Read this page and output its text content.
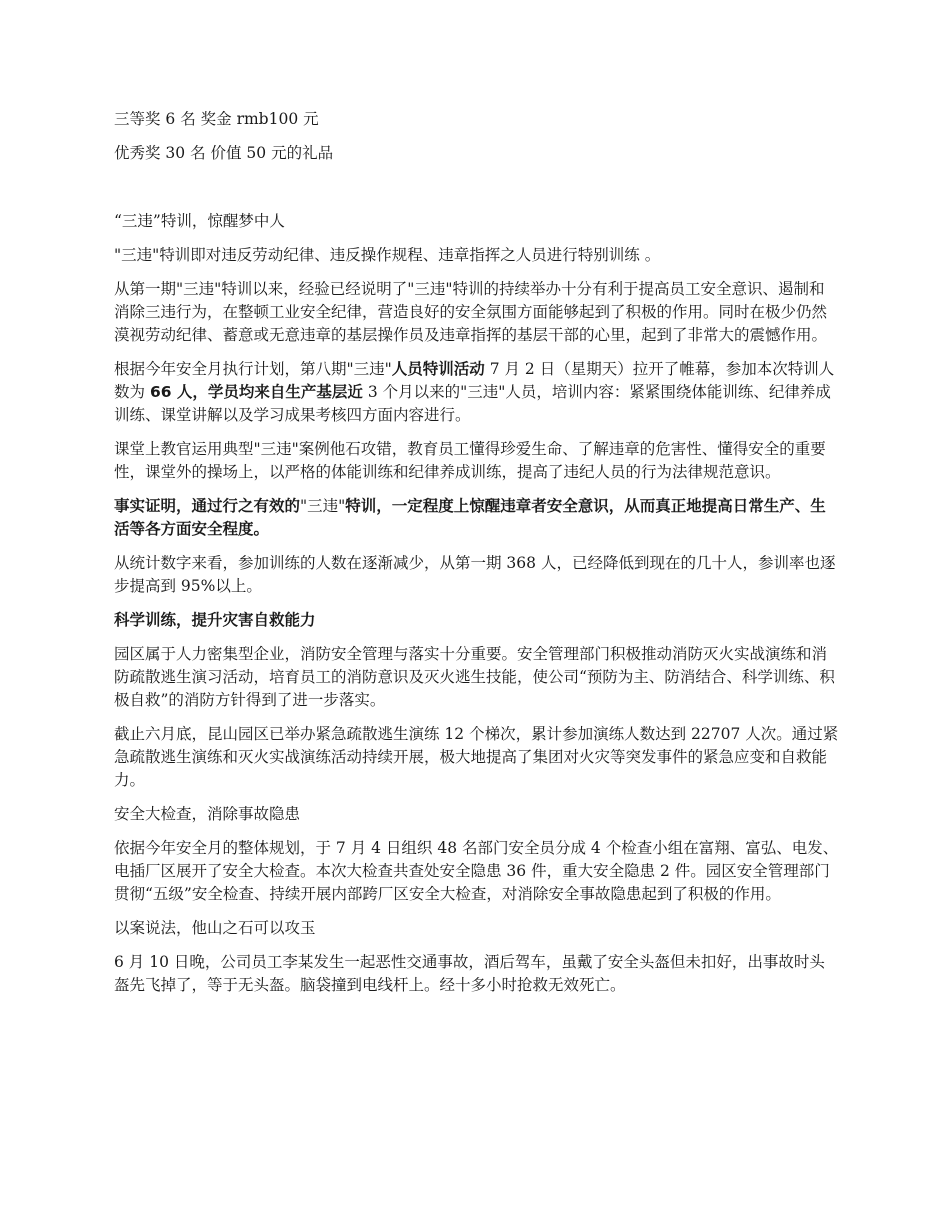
三等奖 6 名 奖金 rmb100 元

优秀奖 30 名 价值 50 元的礼品

“三违”特训，惊醒梦中人

"三违"特训即对违反劳动纪律、违反操作规程、违章指挥之人员进行特别训练 。

从第一期"三违"特训以来，经验已经说明了"三违"特训的持续举办十分有利于提高员工安全意识、遏制和消除三违行为，在整顿工业安全纪律，营造良好的安全氛围方面能够起到了积极的作用。同时在极少仍然漠视劳动纪律、蓄意或无意违章的基层操作员及违章指挥的基层干部的心里，起到了非常大的震憾作用。

根据今年安全月执行计划，第八期"三违"人员特训活动 7 月 2 日（星期天）拉开了帷幕，参加本次特训人数为 66 人，学员均来自生产基层近 3 个月以来的"三违"人员，培训内容：紧紧围绕体能训练、纪律养成训练、课堂讲解以及学习成果考核四方面内容进行。

课堂上教官运用典型"三违"案例他石攻错，教育员工懂得珍爱生命、了解违章的危害性、懂得安全的重要性，课堂外的操场上，以严格的体能训练和纪律养成训练，提高了违纪人员的行为法律规范意识。

事实证明，通过行之有效的"三违"特训，一定程度上惊醒违章者安全意识，从而真正地提高日常生产、生活等各方面安全程度。

从统计数字来看，参加训练的人数在逐渐减少，从第一期 368 人，已经降低到现在的几十人，参训率也逐步提高到 95%以上。

科学训练，提升灾害自救能力

园区属于人力密集型企业，消防安全管理与落实十分重要。安全管理部门积极推动消防灭火实战演练和消防疏散逃生演习活动，培育员工的消防意识及灭火逃生技能，使公司“预防为主、防消结合、科学训练、积极自救”的消防方针得到了进一步落实。

截止六月底，昆山园区已举办紧急疏散逃生演练 12 个梯次，累计参加演练人数达到 22707 人次。通过紧急疏散逃生演练和灭火实战演练活动持续开展，极大地提高了集团对火灾等突发事件的紧急应变和自救能力。

安全大检查，消除事故隐患

依据今年安全月的整体规划，于 7 月 4 日组织 48 名部门安全员分成 4 个检查小组在富翔、富弘、电发、电插厂区展开了安全大检查。本次大检查共查处安全隐患 36 件，重大安全隐患 2 件。园区安全管理部门贯彻“五级”安全检查、持续开展内部跨厂区安全大检查，对消除安全事故隐患起到了积极的作用。

以案说法，他山之石可以攻玉

6 月 10 日晚，公司员工李某发生一起恶性交通事故，酒后驾车，虽戴了安全头盔但未扣好，出事故时头盔先飞掉了，等于无头盔。脑袋撞到电线杆上。经十多小时抢救无效死亡。
